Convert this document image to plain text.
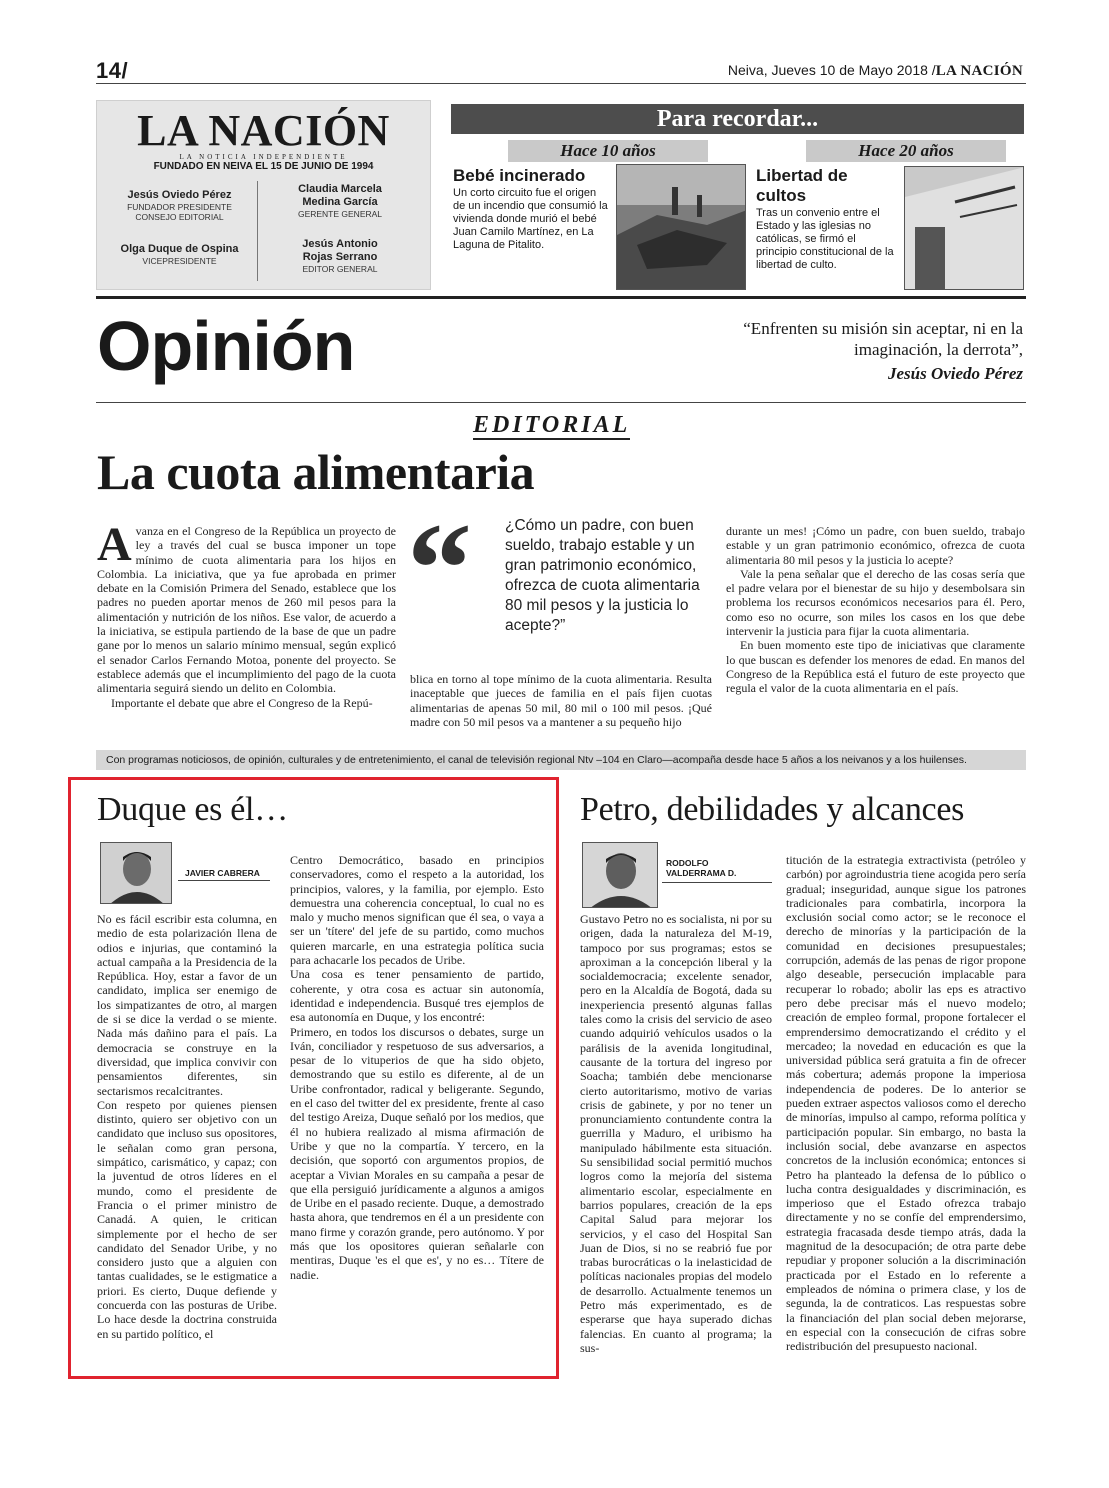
14/	Neiva, Jueves 10 de Mayo 2018 /LA NACIÓN
LA NACIÓN
LA NOTICIA INDEPENDIENTE
FUNDADO EN NEIVA EL 15 DE JUNIO DE 1994
Jesús Oviedo Pérez
FUNDADOR PRESIDENTE CONSEJO EDITORIAL
Claudia Marcela Medina García
GERENTE GENERAL
Olga Duque de Ospina
VICEPRESIDENTE
Jesús Antonio Rojas Serrano
EDITOR GENERAL
Para recordar...
Hace 10 años
Bebé incinerado
Un corto circuito fue el origen de un incendio que consumió la vivienda donde murió el bebé Juan Camilo Martínez, en La Laguna de Pitalito.
Hace 20 años
Libertad de cultos
Tras un convenio entre el Estado y las iglesias no católicas, se firmó el principio constitucional de la libertad de culto.
Opinión	“Enfrenten su misión sin aceptar, ni en la imaginación, la derrota”,
Jesús Oviedo Pérez
EDITORIAL
La cuota alimentaria

Avanza en el Congreso de la República un proyecto de ley a través del cual se busca imponer un tope mínimo de cuota alimentaria para los hijos en Colombia. La iniciativa, que ya fue aprobada en primer debate en la Comisión Primera del Senado, establece que los padres no pueden aportar menos de 260 mil pesos para la alimentación y nutrición de los niños. Ese valor, de acuerdo a la iniciativa, se estipula partiendo de la base de que un padre gane por lo menos un salario mínimo mensual, según explicó el senador Carlos Fernando Motoa, ponente del proyecto. Se establece además que el incumplimiento del pago de la cuota alimentaria seguirá siendo un delito en Colombia.

Importante el debate que abre el Congreso de la Repú-

“ ¿Cómo un padre, con buen sueldo, trabajo estable y un gran patrimonio económico, ofrezca de cuota alimentaria 80 mil pesos y la justicia lo acepte?”

blica en torno al tope mínimo de la cuota alimentaria. Resulta inaceptable que jueces de familia en el país fijen cuotas alimentarias de apenas 50 mil, 80 mil o 100 mil pesos. ¡Qué madre con 50 mil pesos va a mantener a su pequeño hijo

durante un mes! ¡Cómo un padre, con buen sueldo, trabajo estable y un gran patrimonio económico, ofrezca de cuota alimentaria 80 mil pesos y la justicia lo acepte?

Vale la pena señalar que el derecho de las cosas sería que el padre velara por el bienestar de su hijo y desembolsara sin problema los recursos económicos necesarios para él. Pero, como eso no ocurre, son miles los casos en los que debe intervenir la justicia para fijar la cuota alimentaria.

En buen momento este tipo de iniciativas que claramente lo que buscan es defender los menores de edad. En manos del Congreso de la República está el futuro de este proyecto que regula el valor de la cuota alimentaria en el país.

Con programas noticiosos, de opinión, culturales y de entretenimiento, el canal de televisión regional Ntv –104 en Claro—acompaña desde hace 5 años a los neivanos y a los huilenses.
Duque es él…
JAVIER CABRERA

No es fácil escribir esta columna, en medio de esta polarización llena de odios e injurias, que contaminó la actual campaña a la Presidencia de la República. Hoy, estar a favor de un candidato, implica ser enemigo de los simpatizantes de otro, al margen de si se dice la verdad o se miente. Nada más dañino para el país. La democracia se construye en la diversidad, que implica convivir con pensamientos diferentes, sin sectarismos recalcitrantes.

Con respeto por quienes piensen distinto, quiero ser objetivo con un candidato que incluso sus opositores, le señalan como gran persona, simpático, carismático, y capaz; con la juventud de otros líderes en el mundo, como el presidente de Francia o el primer ministro de Canadá. A quien, le critican simplemente por el hecho de ser candidato del Senador Uribe, y no considero justo que a alguien con tantas cualidades, se le estigmatice a priori. Es cierto, Duque defiende y concuerda con las posturas de Uribe. Lo hace desde la doctrina construida en su partido político, el

Centro Democrático, basado en principios conservadores, como el respeto a la autoridad, los principios, valores, y la familia, por ejemplo. Esto demuestra una coherencia conceptual, lo cual no es malo y mucho menos significan que él sea, o vaya a ser un 'títere' del jefe de su partido, como muchos quieren marcarle, en una estrategia política sucia para achacarle los pecados de Uribe.

Una cosa es tener pensamiento de partido, coherente, y otra cosa es actuar sin autonomía, identidad e independencia. Busqué tres ejemplos de esa autonomía en Duque, y los encontré:

Primero, en todos los discursos o debates, surge un Iván, conciliador y respetuoso de sus adversarios, a pesar de lo vituperios de que ha sido objeto, demostrando que su estilo es diferente, al de un Uribe confrontador, radical y beligerante. Segundo, en el caso del twitter del ex presidente, frente al caso del testigo Areiza, Duque señaló por los medios, que él no hubiera realizado al misma afirmación de Uribe y que no la compartía. Y tercero, en la decisión, que soportó con argumentos propios, de aceptar a Vivian Morales en su campaña a pesar de que ella persiguió jurídicamente a algunos a amigos de Uribe en el pasado reciente. Duque, a demostrado hasta ahora, que tendremos en él a un presidente con mano firme y corazón grande, pero autónomo. Y por más que los opositores quieran señalarle con mentiras, Duque 'es el que es', y no es… Títere de nadie.

Petro, debilidades y alcances
RODOLFO
VALDERRAMA D.

Gustavo Petro no es socialista, ni por su origen, dada la naturaleza del M-19, tampoco por sus programas; estos se aproximan a la concepción liberal y la socialdemocracia; excelente senador, pero en la Alcaldía de Bogotá, dada su inexperiencia presentó algunas fallas tales como la crisis del servicio de aseo cuando adquirió vehículos usados o la parálisis de la avenida longitudinal, causante de la tortura del ingreso por Soacha; también debe mencionarse cierto autoritarismo, motivo de varias crisis de gabinete, y por no tener un pronunciamiento contundente contra la guerrilla y Maduro, el uribismo ha manipulado hábilmente esta situación. Su sensibilidad social permitió muchos logros como la mejoría del sistema alimentario escolar, especialmente en barrios populares, creación de la eps Capital Salud para mejorar los servicios, y el caso del Hospital San Juan de Dios, si no se reabrió fue por trabas burocráticas o la inelasticidad de políticas nacionales propias del modelo de desarrollo. Actualmente tenemos un Petro más experimentado, es de esperarse que haya superado dichas falencias. En cuanto al programa; la sus-

titución de la estrategia extractivista (petróleo y carbón) por agroindustria tiene acogida pero sería gradual; inseguridad, aunque sigue los patrones tradicionales para combatirla, incorpora la exclusión social como actor; se le reconoce el derecho de minorías y la participación de la comunidad en decisiones presupuestales; corrupción, además de las penas de rigor propone algo deseable, persecución implacable para recuperar lo robado; abolir las eps es atractivo pero debe precisar más el nuevo modelo; creación de empleo formal, propone fortalecer el emprendersimo democratizando el crédito y el mercadeo; la novedad en educación es que la universidad pública será gratuita a fin de ofrecer más cobertura; además propone la imperiosa independencia de poderes. De lo anterior se pueden extraer aspectos valiosos como el derecho de minorías, impulso al campo, reforma política y participación popular. Sin embargo, no basta la inclusión social, debe avanzarse en aspectos concretos de la inclusión económica; entonces si Petro ha planteado la defensa de lo público o lucha contra desigualdades y discriminación, es imperioso que el Estado ofrezca trabajo directamente y no se confíe del emprendersimo, estrategia fracasada desde tiempo atrás, dada la magnitud de la desocupación; de otra parte debe repudiar y proponer solución a la discriminación practicada por el Estado en lo referente a empleados de nómina o primera clase, y los de segunda, la de contraticos. Las respuestas sobre la financiación del plan social deben mejorarse, en especial con la consecución de cifras sobre redistribución del presupuesto nacional.
